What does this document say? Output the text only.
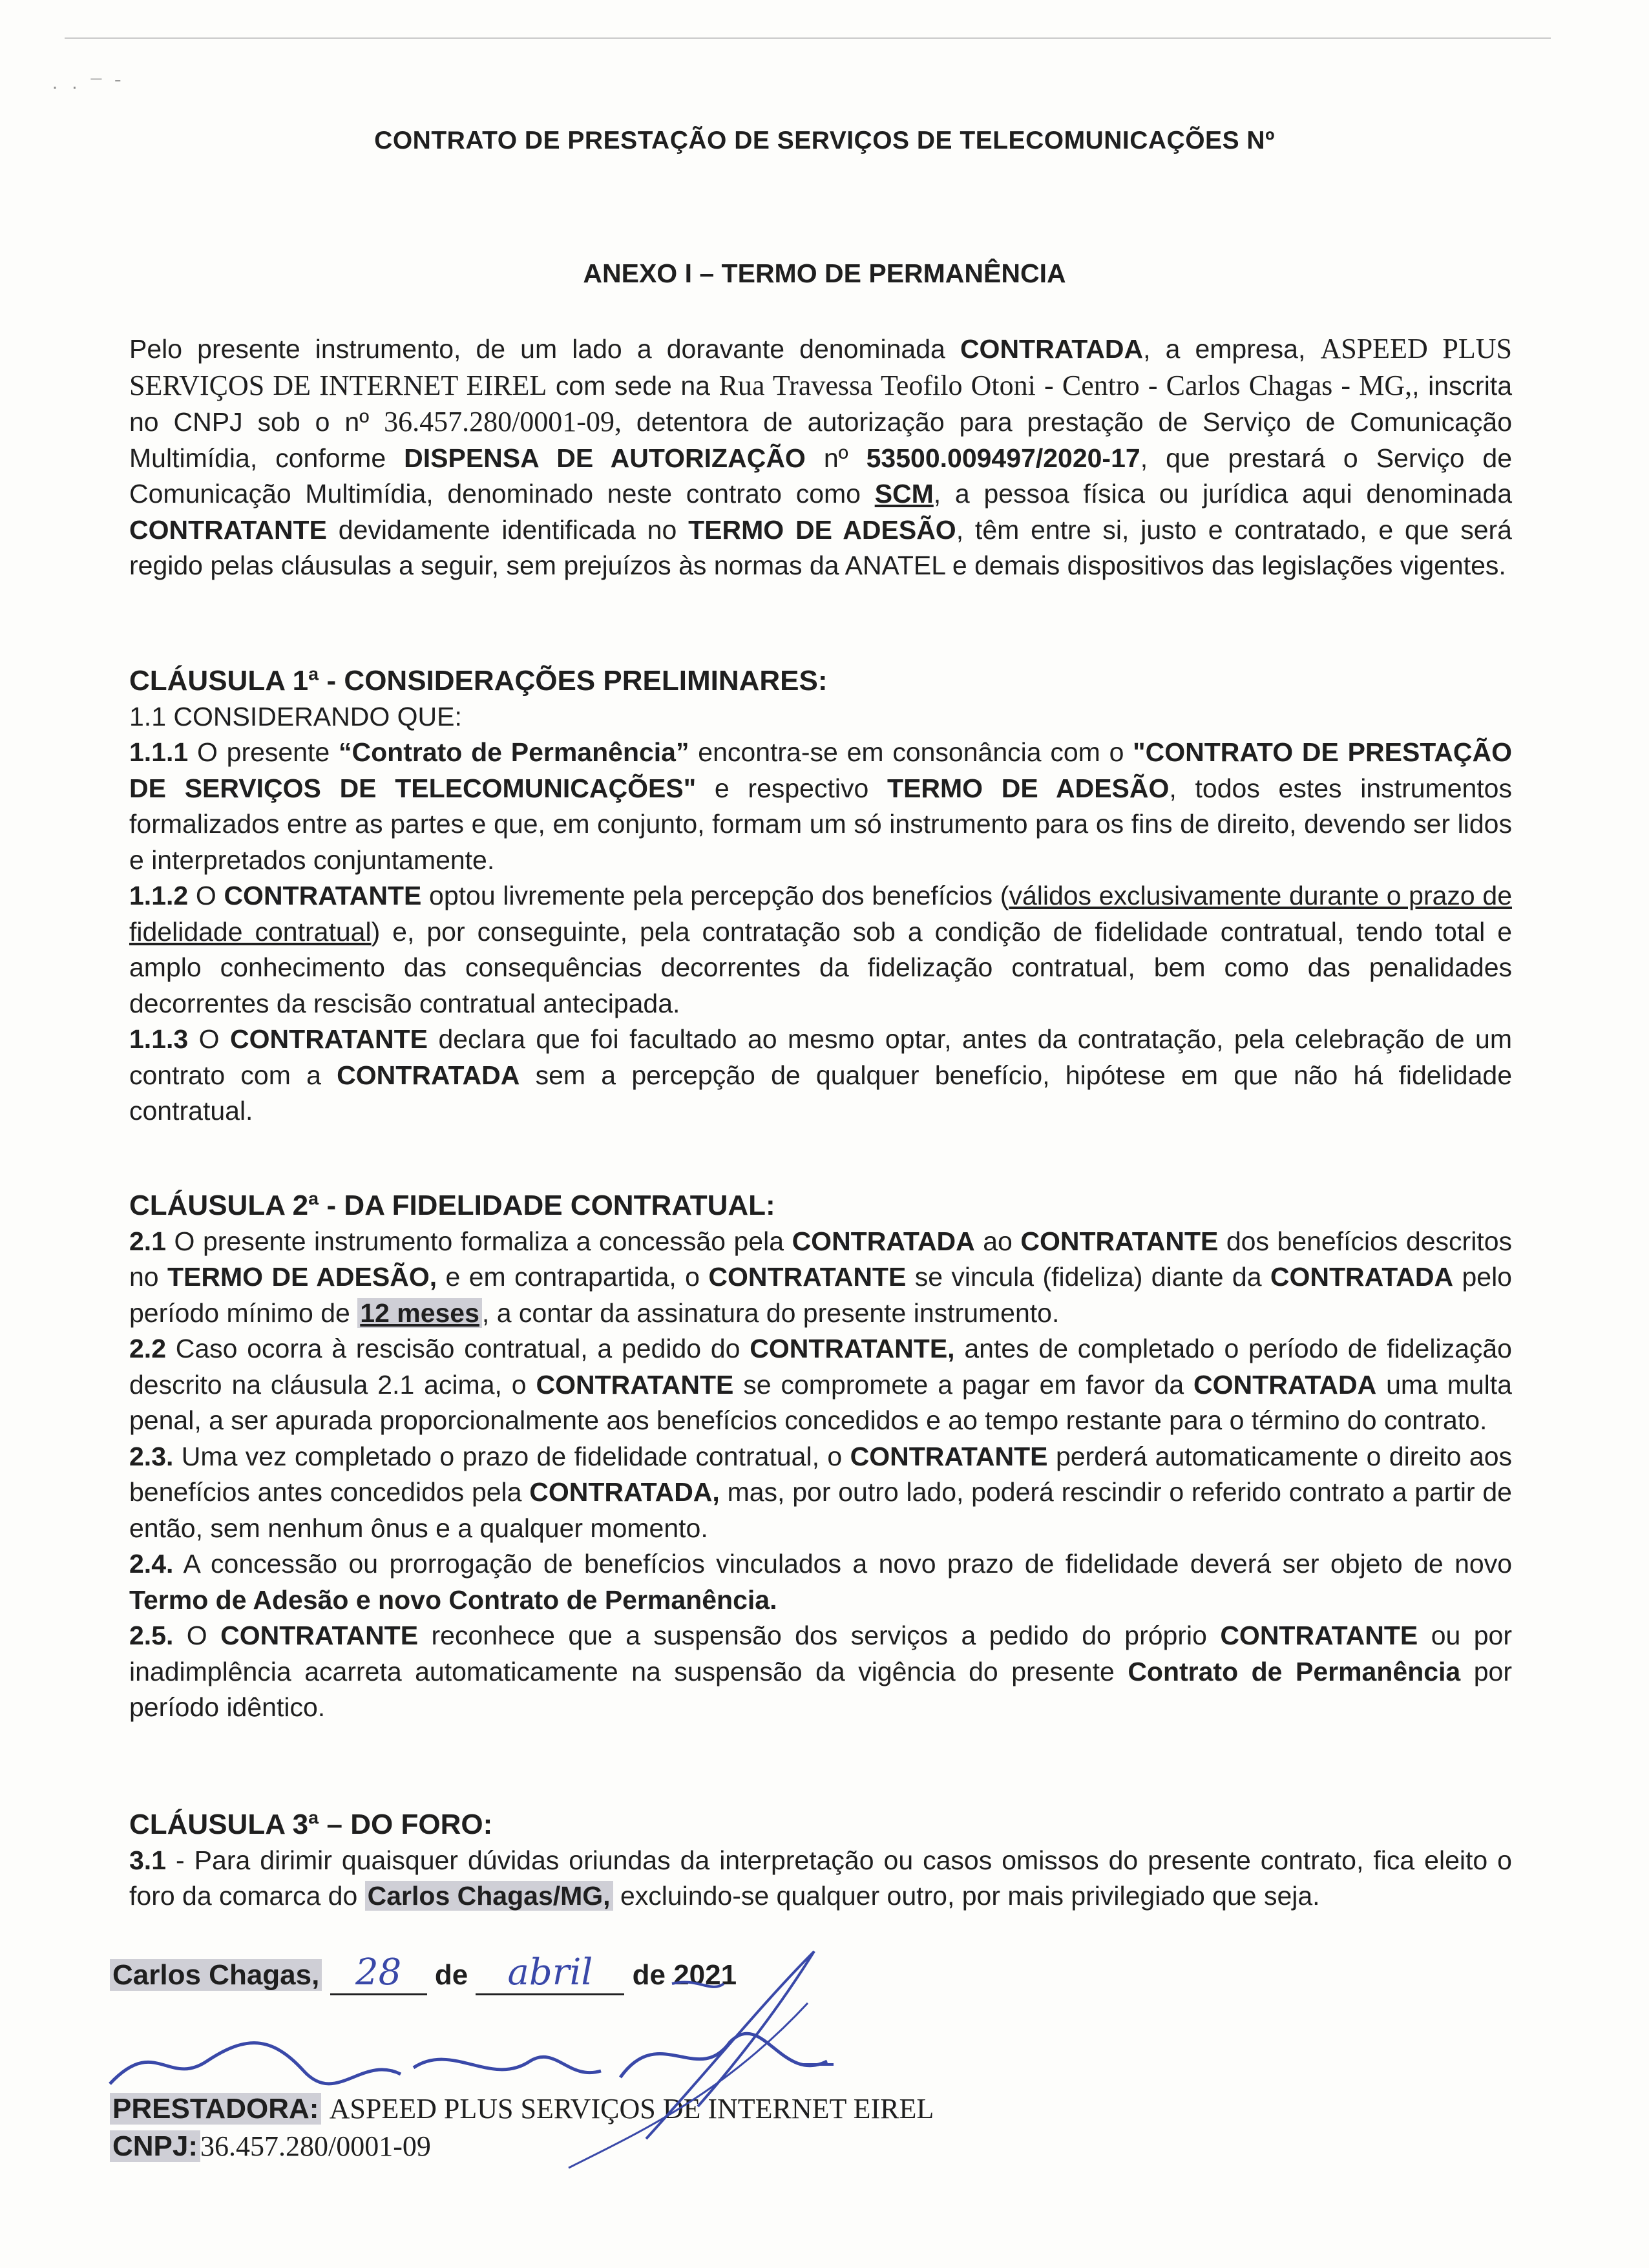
· · ¯ ˉ
CONTRATO DE PRESTAÇÃO DE SERVIÇOS DE TELECOMUNICAÇÕES Nº
ANEXO I – TERMO DE PERMANÊNCIA

Pelo presente instrumento, de um lado a doravante denominada CONTRATADA, a empresa, ASPEED PLUS SERVIÇOS DE INTERNET EIREL com sede na Rua Travessa Teofilo Otoni - Centro - Carlos Chagas - MG,, inscrita no CNPJ sob o nº 36.457.280/0001-09, detentora de autorização para prestação de Serviço de Comunicação Multimídia, conforme DISPENSA DE AUTORIZAÇÃO nº 53500.009497/2020-17, que prestará o Serviço de Comunicação Multimídia, denominado neste contrato como SCM, a pessoa física ou jurídica aqui denominada CONTRATANTE devidamente identificada no TERMO DE ADESÃO, têm entre si, justo e contratado, e que será regido pelas cláusulas a seguir, sem prejuízos às normas da ANATEL e demais dispositivos das legislações vigentes.

CLÁUSULA 1ª - CONSIDERAÇÕES PRELIMINARES:

1.1 CONSIDERANDO QUE:

1.1.1 O presente “Contrato de Permanência” encontra-se em consonância com o "CONTRATO DE PRESTAÇÃO DE SERVIÇOS DE TELECOMUNICAÇÕES" e respectivo TERMO DE ADESÃO, todos estes instrumentos formalizados entre as partes e que, em conjunto, formam um só instrumento para os fins de direito, devendo ser lidos e interpretados conjuntamente.

1.1.2 O CONTRATANTE optou livremente pela percepção dos benefícios (válidos exclusivamente durante o prazo de fidelidade contratual) e, por conseguinte, pela contratação sob a condição de fidelidade contratual, tendo total e amplo conhecimento das consequências decorrentes da fidelização contratual, bem como das penalidades decorrentes da rescisão contratual antecipada.

1.1.3 O CONTRATANTE declara que foi facultado ao mesmo optar, antes da contratação, pela celebração de um contrato com a CONTRATADA sem a percepção de qualquer benefício, hipótese em que não há fidelidade contratual.

CLÁUSULA 2ª - DA FIDELIDADE CONTRATUAL:

2.1 O presente instrumento formaliza a concessão pela CONTRATADA ao CONTRATANTE dos benefícios descritos no TERMO DE ADESÃO, e em contrapartida, o CONTRATANTE se vincula (fideliza) diante da CONTRATADA pelo período mínimo de 12 meses, a contar da assinatura do presente instrumento.

2.2 Caso ocorra à rescisão contratual, a pedido do CONTRATANTE, antes de completado o período de fidelização descrito na cláusula 2.1 acima, o CONTRATANTE se compromete a pagar em favor da CONTRATADA uma multa penal, a ser apurada proporcionalmente aos benefícios concedidos e ao tempo restante para o término do contrato.

2.3. Uma vez completado o prazo de fidelidade contratual, o CONTRATANTE perderá automaticamente o direito aos benefícios antes concedidos pela CONTRATADA, mas, por outro lado, poderá rescindir o referido contrato a partir de então, sem nenhum ônus e a qualquer momento.

2.4. A concessão ou prorrogação de benefícios vinculados a novo prazo de fidelidade deverá ser objeto de novo Termo de Adesão e novo Contrato de Permanência.

2.5. O CONTRATANTE reconhece que a suspensão dos serviços a pedido do próprio CONTRATANTE ou por inadimplência acarreta automaticamente na suspensão da vigência do presente Contrato de Permanência por período idêntico.

CLÁUSULA 3ª – DO FORO:

3.1 - Para dirimir quaisquer dúvidas oriundas da interpretação ou casos omissos do presente contrato, fica eleito o foro da comarca do Carlos Chagas/MG, excluindo-se qualquer outro, por mais privilegiado que seja.

Carlos Chagas, 28 de abril de 2021
PRESTADORA: ASPEED PLUS SERVIÇOS DE INTERNET EIREL
CNPJ:36.457.280/0001-09
